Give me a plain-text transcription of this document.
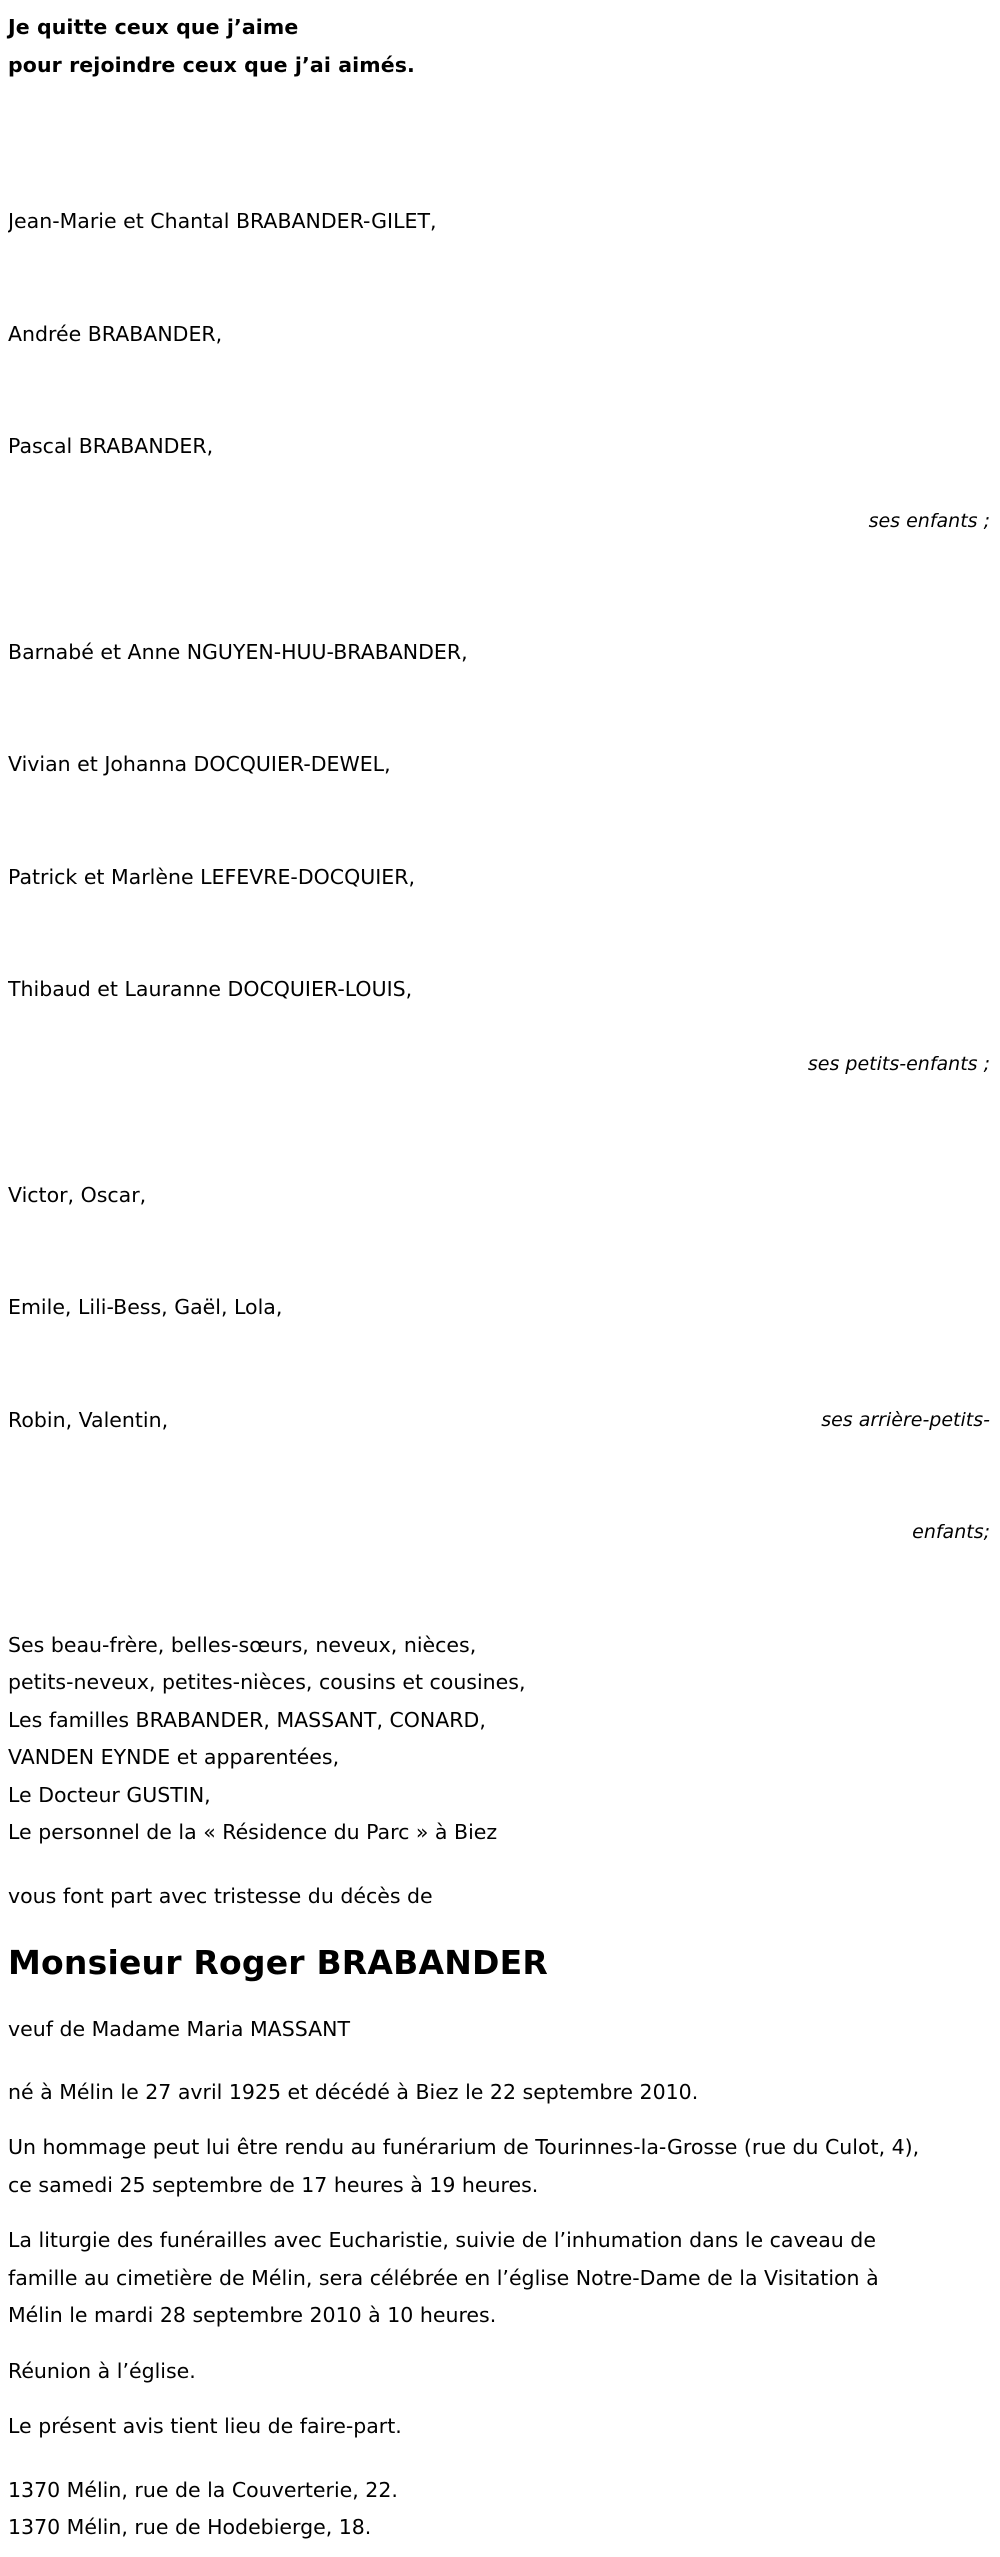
Je quitte ceux que j’aime
pour rejoindre ceux que j’ai aimés.

Jean-Marie et Chantal BRABANDER-GILET,

Andrée BRABANDER,

Pascal BRABANDER,

ses enfants ;

Barnabé et Anne NGUYEN-HUU-BRABANDER,

Vivian et Johanna DOCQUIER-DEWEL,

Patrick et Marlène LEFEVRE-DOCQUIER,

Thibaud et Lauranne DOCQUIER-LOUIS,

ses petits-enfants ;

Victor, Oscar,

Emile, Lili-Bess, Gaël, Lola,

Robin, Valentin,

	ses arrière-petits-

enfants;

Ses beau-frère, belles-sœurs, neveux, nièces,
petits-neveux, petites-nièces, cousins et cousines,
Les familles BRABANDER, MASSANT, CONARD,
VANDEN EYNDE et apparentées,
Le Docteur GUSTIN,
Le personnel de la « Résidence du Parc » à Biez
vous font part avec tristesse du décès de
Monsieur Roger BRABANDER
veuf de Madame Maria MASSANT
né à Mélin le 27 avril 1925 et décédé à Biez le 22 septembre 2010.
Un hommage peut lui être rendu au funérarium de Tourinnes-la-Grosse (rue du Culot, 4), ce samedi 25 septembre de 17 heures à 19 heures.
La liturgie des funérailles avec Eucharistie, suivie de l’inhumation dans le caveau de famille au cimetière de Mélin, sera célébrée en l’église Notre-Dame de la Visitation à Mélin le mardi 28 septembre 2010 à 10 heures.
Réunion à l’église.
Le présent avis tient lieu de faire-part.
1370 Mélin, rue de la Couverterie, 22.
1370 Mélin, rue de Hodebierge, 18.
